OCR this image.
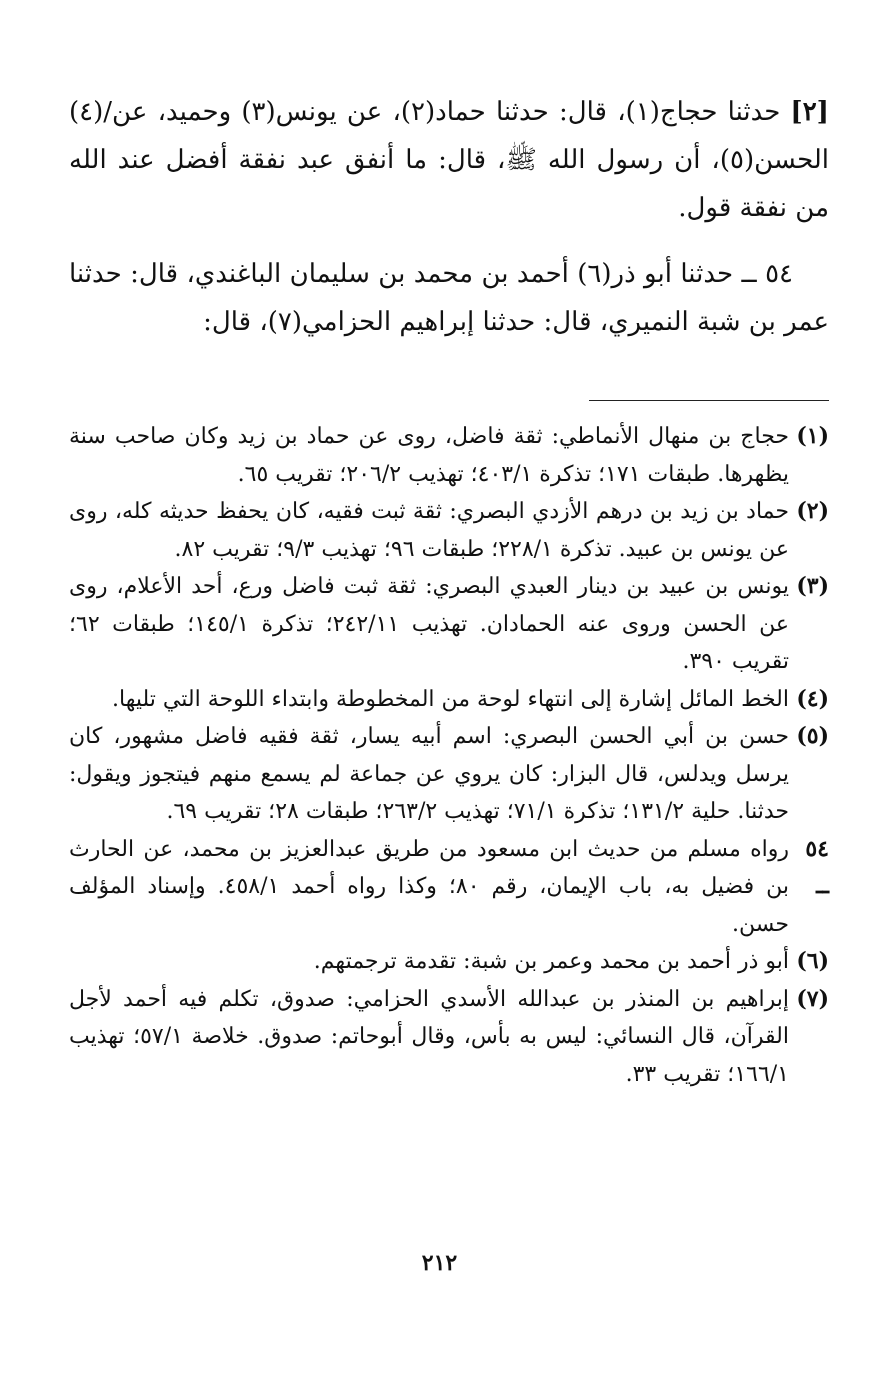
[٢]حدثنا حجاج(١)، قال: حدثنا حماد(٢)، عن يونس(٣) وحميد، عن/(٤) الحسن(٥)، أن رسول الله ﷺ، قال: ما أنفق عبد نفقة أفضل عند الله من نفقة قول.

٥٤ ــ حدثنا أبو ذر(٦) أحمد بن محمد بن سليمان الباغندي، قال: حدثنا عمر بن شبة النميري، قال: حدثنا إبراهيم الحزامي(٧)، قال:

(١)
حجاج بن منهال الأنماطي: ثقة فاضل، روى عن حماد بن زيد وكان صاحب سنة يظهرها. طبقات ١٧١؛ تذكرة ٤٠٣/١؛ تهذيب ٢٠٦/٢؛ تقريب ٦٥.
(٢)
حماد بن زيد بن درهم الأزدي البصري: ثقة ثبت فقيه، كان يحفظ حديثه كله، روى عن يونس بن عبيد. تذكرة ٢٢٨/١؛ طبقات ٩٦؛ تهذيب ٩/٣؛ تقريب ٨٢.
(٣)
يونس بن عبيد بن دينار العبدي البصري: ثقة ثبت فاضل ورع، أحد الأعلام، روى عن الحسن وروى عنه الحمادان. تهذيب ٢٤٢/١١؛ تذكرة ١٤٥/١؛ طبقات ٦٢؛ تقريب ٣٩٠.
(٤)
الخط المائل إشارة إلى انتهاء لوحة من المخطوطة وابتداء اللوحة التي تليها.
(٥)
حسن بن أبي الحسن البصري: اسم أبيه يسار، ثقة فقيه فاضل مشهور، كان يرسل ويدلس، قال البزار: كان يروي عن جماعة لم يسمع منهم فيتجوز ويقول: حدثنا. حلية ١٣١/٢؛ تذكرة ٧١/١؛ تهذيب ٢٦٣/٢؛ طبقات ٢٨؛ تقريب ٦٩.
٥٤ ــ
رواه مسلم من حديث ابن مسعود من طريق عبدالعزيز بن محمد، عن الحارث بن فضيل به، باب الإيمان، رقم ٨٠؛ وكذا رواه أحمد ٤٥٨/١. وإسناد المؤلف حسن.
(٦)
أبو ذر أحمد بن محمد وعمر بن شبة: تقدمة ترجمتهم.
(٧)
إبراهيم بن المنذر بن عبدالله الأسدي الحزامي: صدوق، تكلم فيه أحمد لأجل القرآن، قال النسائي: ليس به بأس، وقال أبوحاتم: صدوق. خلاصة ٥٧/١؛ تهذيب ١٦٦/١؛ تقريب ٣٣.
٢١٢
